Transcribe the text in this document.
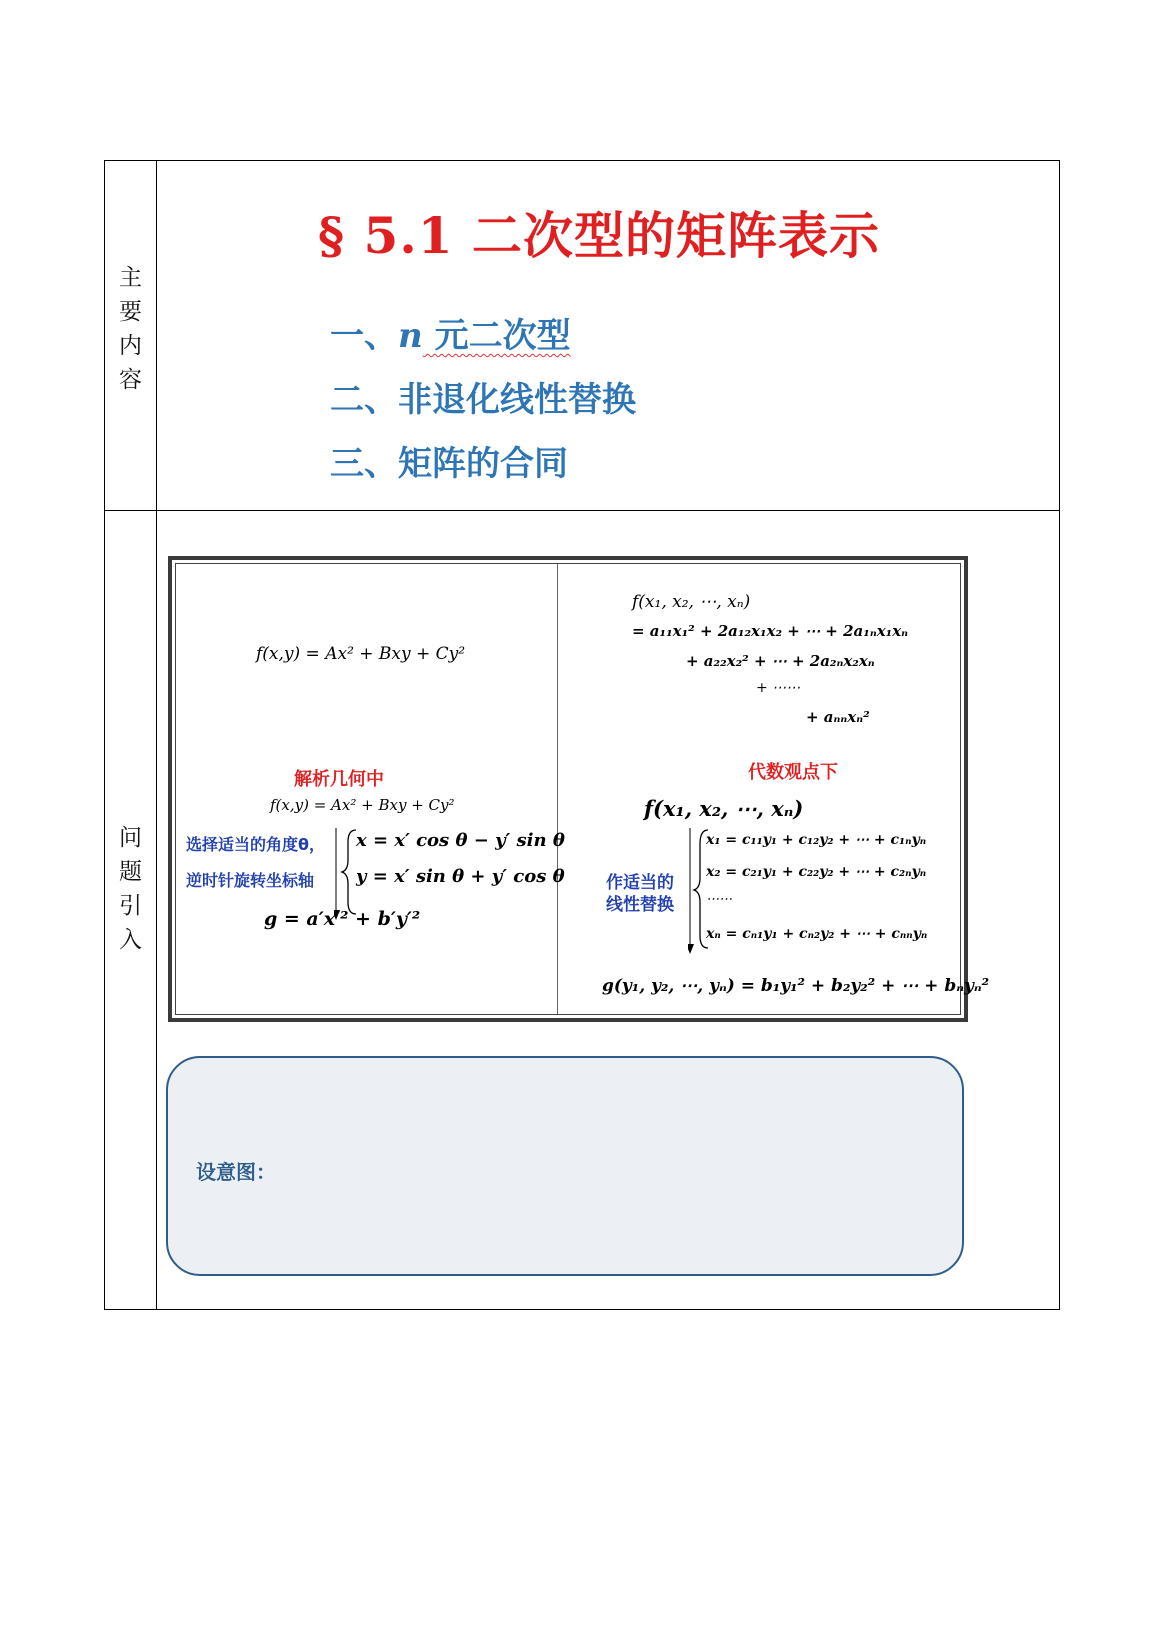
主
要
内
容
问
题
引
入
§ 5.1 二次型的矩阵表示
一、n 元二次型
二、非退化线性替换
三、矩阵的合同
f(x,y) = Ax² + Bxy + Cy²
解析几何中
f(x,y) = Ax² + Bxy + Cy²
选择适当的角度θ，
逆时针旋转坐标轴
x = x′ cos θ − y′ sin θ
y = x′ sin θ + y′ cos θ
g = a′x′² + b′y′²
f(x₁, x₂, ⋯, xₙ)
= a₁₁x₁² + 2a₁₂x₁x₂ + ⋯ + 2a₁ₙx₁xₙ
+ a₂₂x₂² + ⋯ + 2a₂ₙx₂xₙ
+ ⋯⋯
+ aₙₙxₙ²
代数观点下
f(x₁, x₂, ⋯, xₙ)
作适当的
线性替换
x₁ = c₁₁y₁ + c₁₂y₂ + ⋯ + c₁ₙyₙ
x₂ = c₂₁y₁ + c₂₂y₂ + ⋯ + c₂ₙyₙ
⋯⋯
xₙ = cₙ₁y₁ + cₙ₂y₂ + ⋯ + cₙₙyₙ
g(y₁, y₂, ⋯, yₙ) = b₁y₁² + b₂y₂² + ⋯ + bₙyₙ²
设意图：
